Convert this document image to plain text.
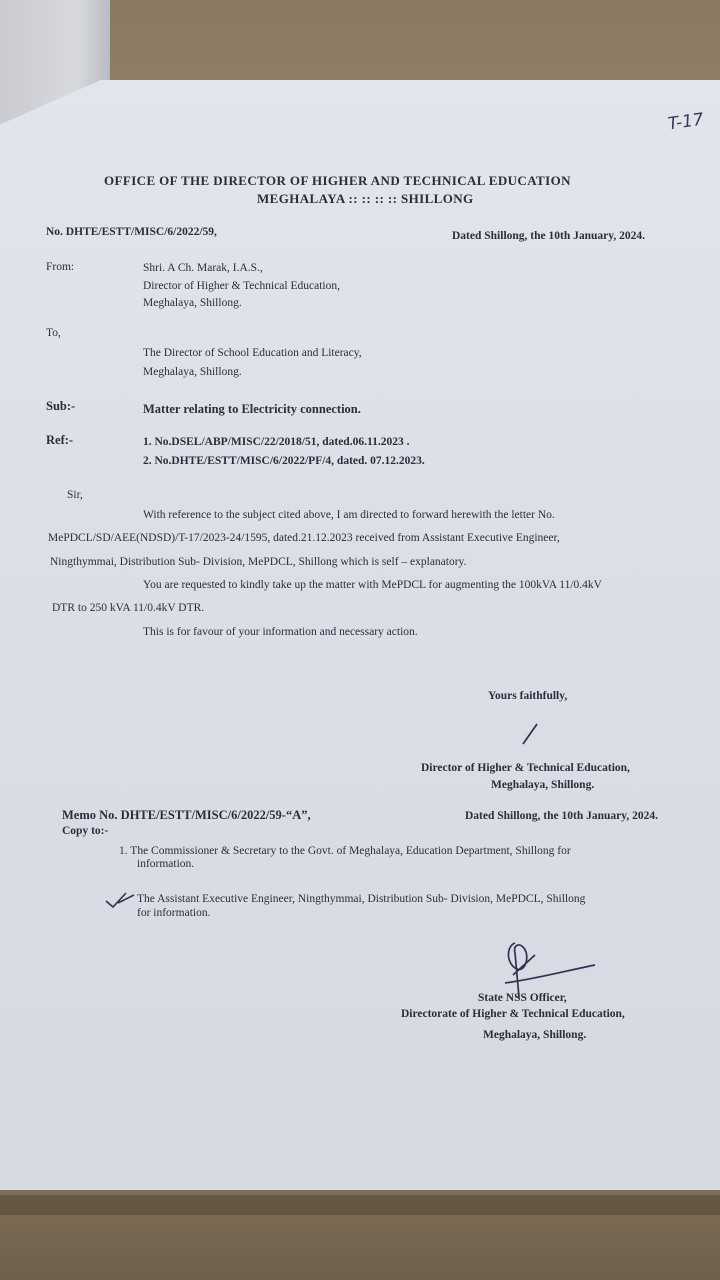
T-17
OFFICE OF THE DIRECTOR OF HIGHER AND TECHNICAL EDUCATION
MEGHALAYA :: :: :: :: SHILLONG
No. DHTE/ESTT/MISC/6/2022/59,	Dated Shillong, the 10th January, 2024.
From:	Shri. A Ch. Marak, I.A.S.,
Director of Higher & Technical Education,
Meghalaya, Shillong.
To,
The Director of School Education and Literacy,
Meghalaya, Shillong.
Sub:-	Matter relating to Electricity connection.
Ref:-	1. No.DSEL/ABP/MISC/22/2018/51, dated.06.11.2023 .
2. No.DHTE/ESTT/MISC/6/2022/PF/4, dated. 07.12.2023.
Sir,
With reference to the subject cited above, I am directed to forward herewith the letter No.
MePDCL/SD/AEE(NDSD)/T-17/2023-24/1595, dated.21.12.2023 received from Assistant Executive Engineer,
Ningthymmai, Distribution Sub- Division, MePDCL, Shillong which is self – explanatory.
You are requested to kindly take up the matter with MePDCL for augmenting the 100kVA 11/0.4kV
DTR to 250 kVA 11/0.4kV DTR.
This is for favour of your information and necessary action.
Yours faithfully,
Director of Higher & Technical Education,
Meghalaya, Shillong.
Memo No. DHTE/ESTT/MISC/6/2022/59-“A”,	Dated Shillong, the 10th January, 2024.
Copy to:-
1. The Commissioner & Secretary to the Govt. of Meghalaya, Education Department, Shillong for
information.
The Assistant Executive Engineer, Ningthymmai, Distribution Sub- Division, MePDCL, Shillong
for information.
State NSS Officer,
Directorate of Higher & Technical Education,
Meghalaya, Shillong.
